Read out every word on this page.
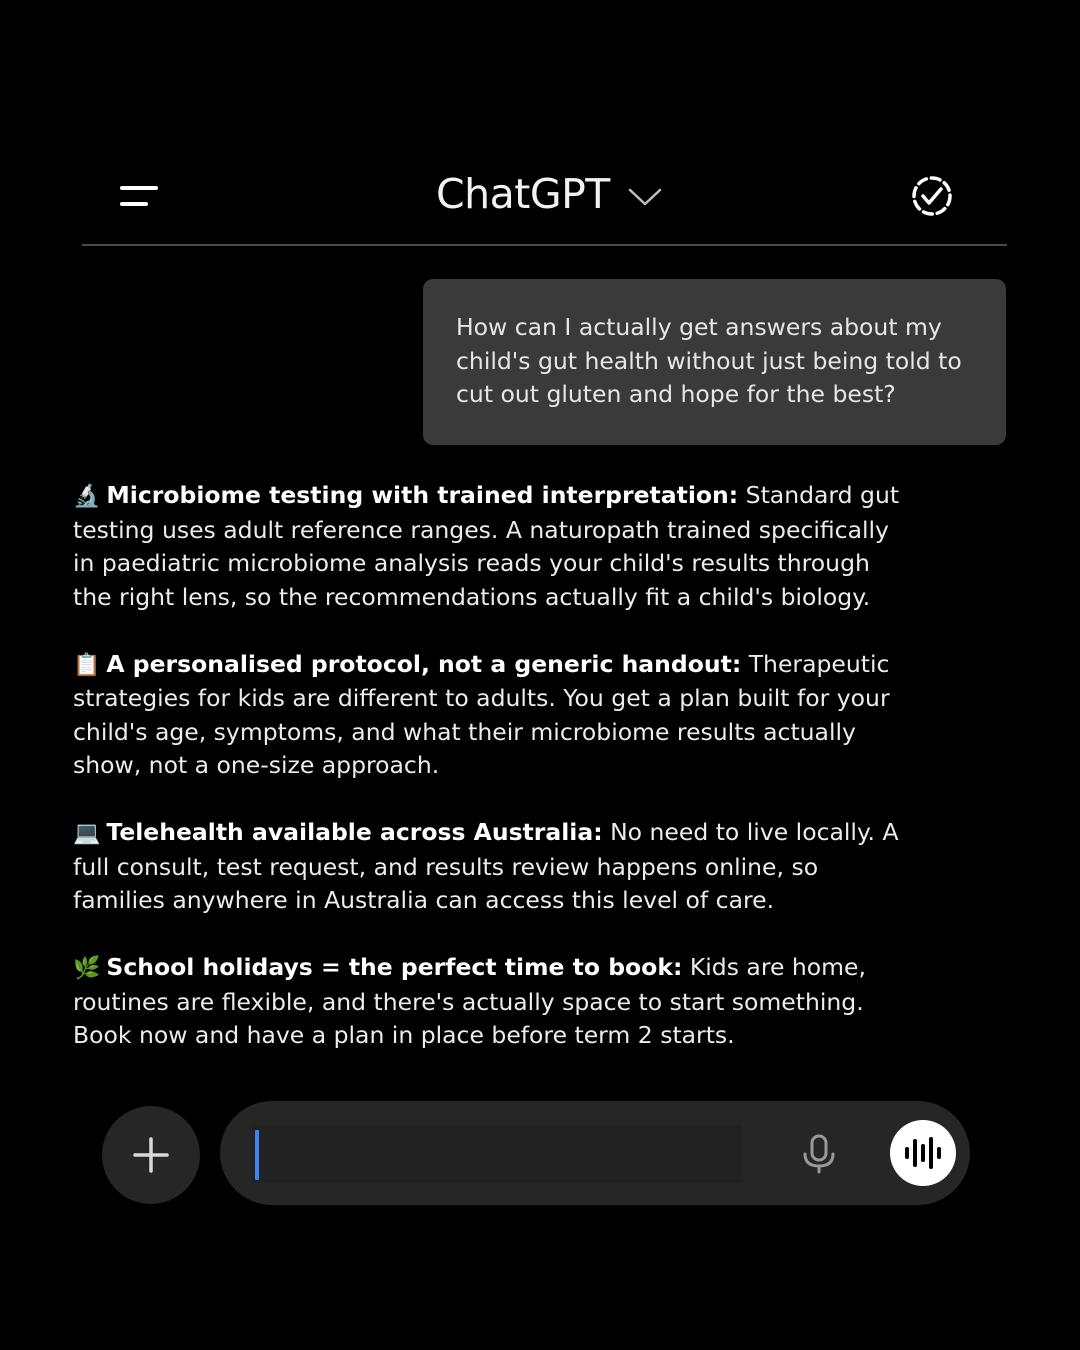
ChatGPT
How can I actually get answers about my child's gut health without just being told to cut out gluten and hope for the best?
🔬 Microbiome testing with trained interpretation: Standard gut testing uses adult reference ranges. A naturopath trained specifically in paediatric microbiome analysis reads your child's results through the right lens, so the recommendations actually fit a child's biology.
📋 A personalised protocol, not a generic handout: Therapeutic strategies for kids are different to adults. You get a plan built for your child's age, symptoms, and what their microbiome results actually show, not a one-size approach.
💻 Telehealth available across Australia: No need to live locally. A full consult, test request, and results review happens online, so families anywhere in Australia can access this level of care.
🌿 School holidays = the perfect time to book: Kids are home, routines are flexible, and there's actually space to start something. Book now and have a plan in place before term 2 starts.
